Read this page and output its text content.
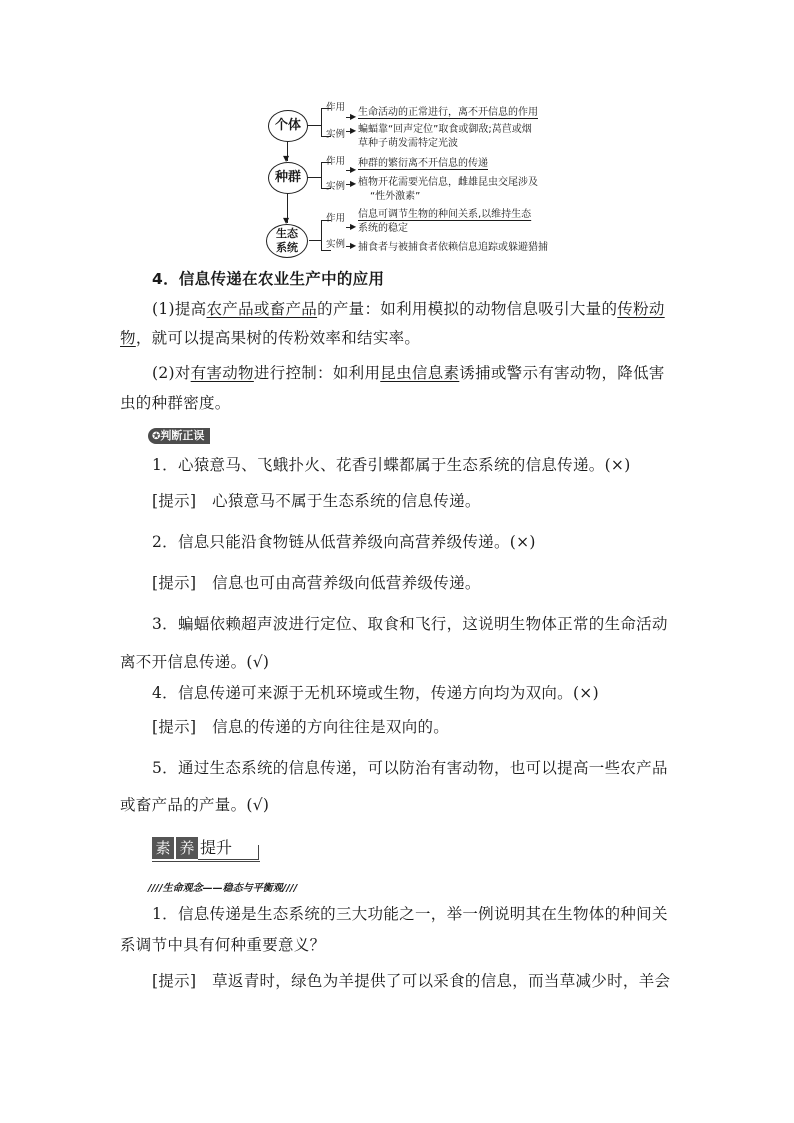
个体
种群
生态系统
▼
▼
作用
实例
▶
▶
生命活动的正常进行，离不开信息的作用
蝙蝠靠“回声定位”取食或御敌;莴苣或烟
草种子萌发需特定光波
作用
实例
▶
▶
种群的繁衍离不开信息的传递
植物开花需要光信息，雌雄昆虫交尾涉及
“性外激素”
作用
实例
▶
▶
信息可调节生物的种间关系,以维持生态
系统的稳定
捕食者与被捕食者依赖信息追踪或躲避猎捕
4．信息传递在农业生产中的应用
(1)提高农产品或畜产品的产量：如利用模拟的动物信息吸引大量的传粉动
物，就可以提高果树的传粉效率和结实率。
(2)对有害动物进行控制：如利用昆虫信息素诱捕或警示有害动物，降低害
虫的种群密度。
✪判断正误
1．心猿意马、飞蛾扑火、花香引蝶都属于生态系统的信息传递。(×)
[提示]　心猿意马不属于生态系统的信息传递。
2．信息只能沿食物链从低营养级向高营养级传递。(×)
[提示]　信息也可由高营养级向低营养级传递。
3．蝙蝠依赖超声波进行定位、取食和飞行，这说明生物体正常的生命活动
离不开信息传递。(√)
4．信息传递可来源于无机环境或生物，传递方向均为双向。(×)
[提示]　信息的传递的方向往往是双向的。
5．通过生态系统的信息传递，可以防治有害动物，也可以提高一些农产品
或畜产品的产量。(√)
素 养 提升
////生命观念——稳态与平衡观////
1．信息传递是生态系统的三大功能之一，举一例说明其在生物体的种间关
系调节中具有何种重要意义？
[提示]　草返青时，绿色为羊提供了可以采食的信息，而当草减少时，羊会
